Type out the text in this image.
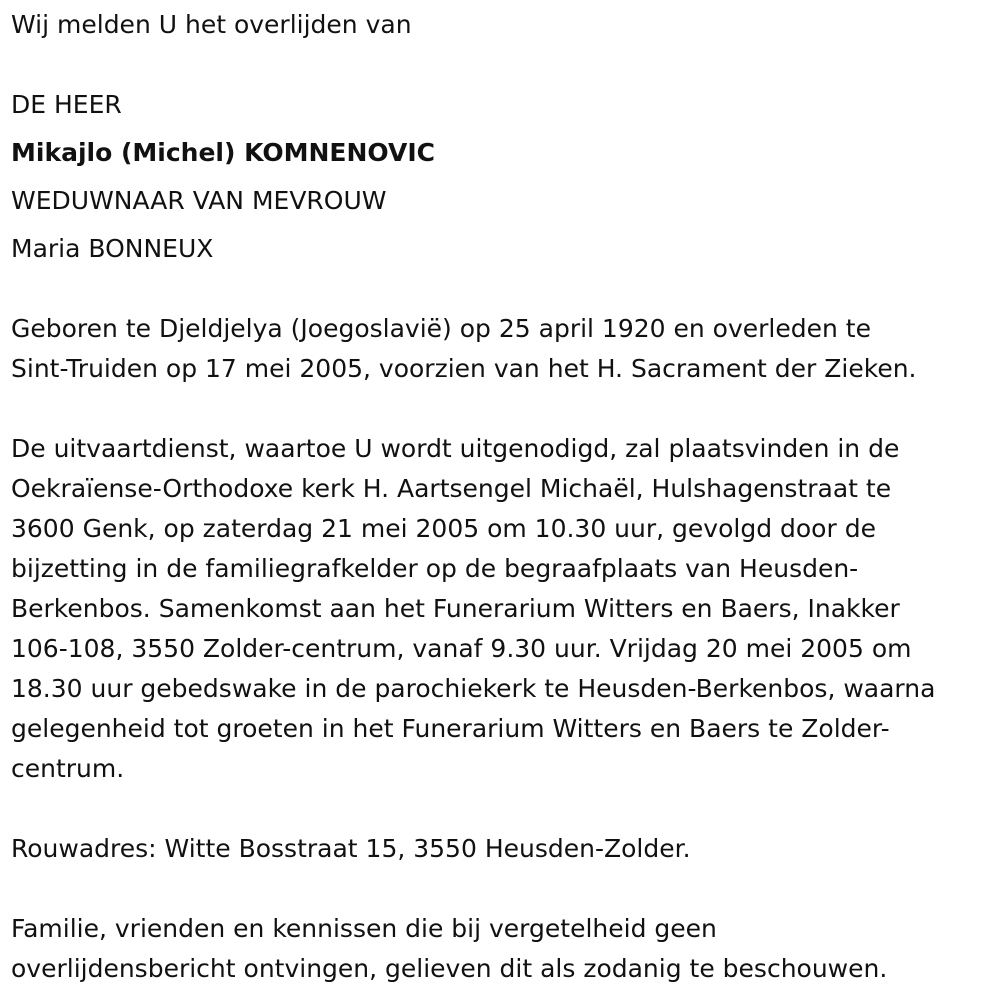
Wij melden U het overlijden van
DE HEER
Mikajlo (Michel) KOMNENOVIC
WEDUWNAAR VAN MEVROUW
Maria BONNEUX
Geboren te Djeldjelya (Joegoslavië) op 25 april 1920 en overleden te
Sint-Truiden op 17 mei 2005, voorzien van het H. Sacrament der Zieken.
De uitvaartdienst, waartoe U wordt uitgenodigd, zal plaatsvinden in de
Oekraïense-Orthodoxe kerk H. Aartsengel Michaël, Hulshagenstraat te
3600 Genk, op zaterdag 21 mei 2005 om 10.30 uur, gevolgd door de
bijzetting in de familiegrafkelder op de begraafplaats van Heusden-
Berkenbos. Samenkomst aan het Funerarium Witters en Baers, Inakker
106-108, 3550 Zolder-centrum, vanaf 9.30 uur. Vrijdag 20 mei 2005 om
18.30 uur gebedswake in de parochiekerk te Heusden-Berkenbos, waarna
gelegenheid tot groeten in het Funerarium Witters en Baers te Zolder-
centrum.
Rouwadres: Witte Bosstraat 15, 3550 Heusden-Zolder.
Familie, vrienden en kennissen die bij vergetelheid geen
overlijdensbericht ontvingen, gelieven dit als zodanig te beschouwen.
